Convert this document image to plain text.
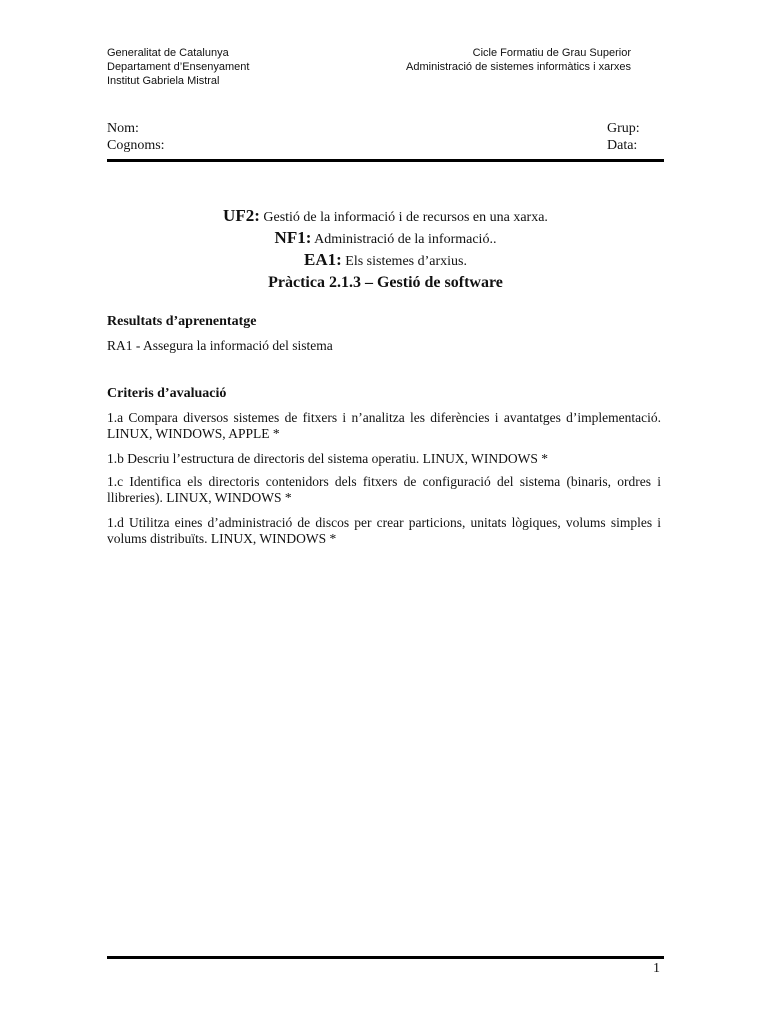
Generalitat de Catalunya
Departament d’Ensenyament
Institut Gabriela Mistral
Cicle Formatiu de Grau Superior
Administració de sistemes informàtics i xarxes
Nom:
Cognoms:
Grup:
Data:
UF2: Gestió de la informació i de recursos en una xarxa.
NF1: Administració de la informació..
EA1: Els sistemes d’arxius.
Pràctica 2.1.3 – Gestió de software
Resultats d’aprenentatge
RA1 - Assegura la informació del sistema
Criteris d’avaluació
1.a Compara diversos sistemes de fitxers i n’analitza les diferències i avantatges d’implementació. LINUX, WINDOWS, APPLE *
1.b Descriu l’estructura de directoris del sistema operatiu. LINUX, WINDOWS *
1.c Identifica els directoris contenidors dels fitxers de configuració del sistema (binaris, ordres i llibreries). LINUX, WINDOWS *
1.d Utilitza eines d’administració de discos per crear particions, unitats lògiques, volums simples i volums distribuïts. LINUX, WINDOWS *
1
